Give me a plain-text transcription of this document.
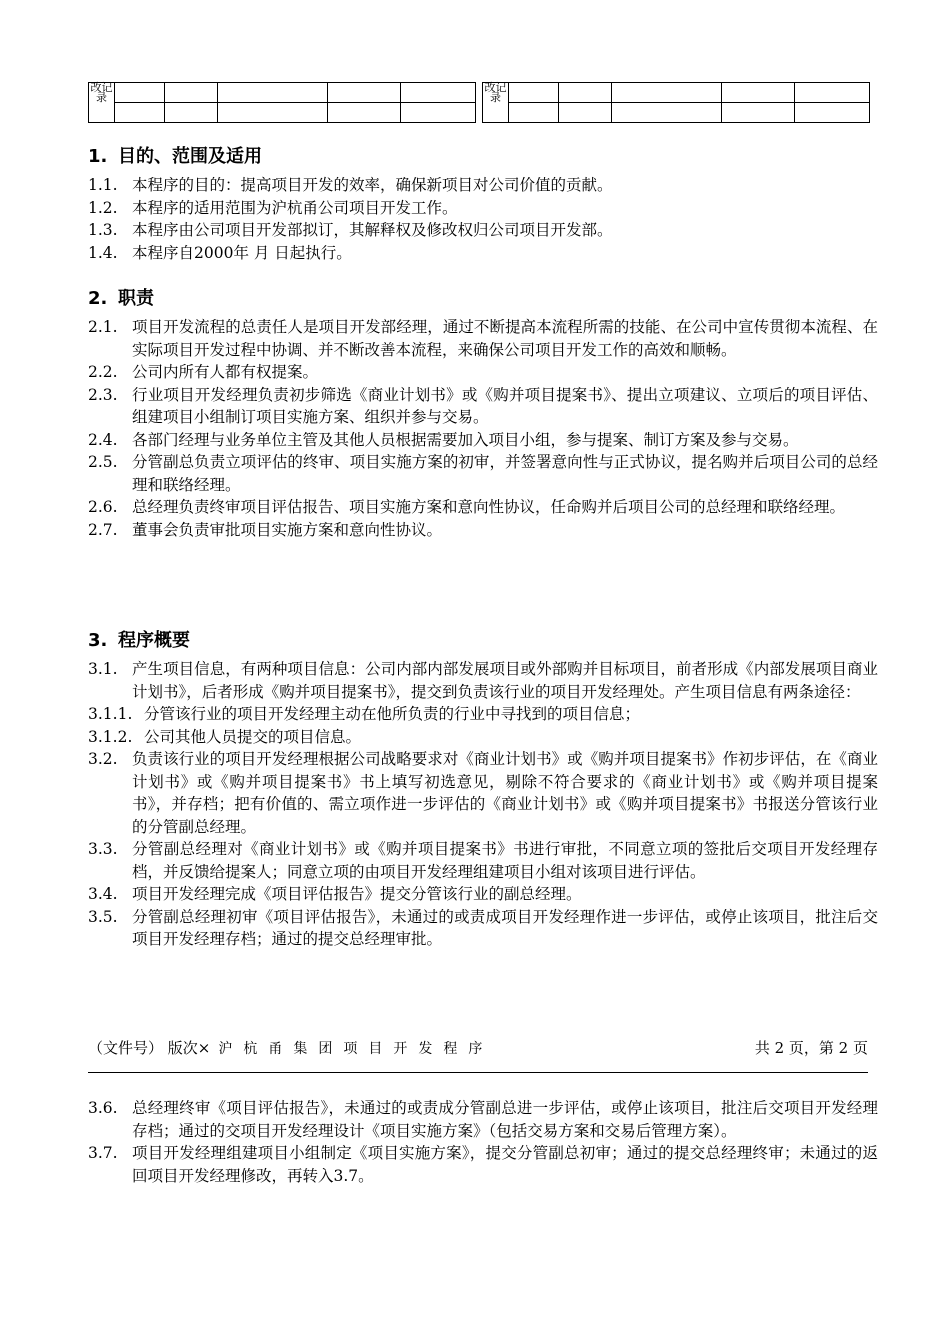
改记录					

改记录					

1. 目的、范围及适用
1.1. 本程序的目的：提高项目开发的效率，确保新项目对公司价值的贡献。
1.2. 本程序的适用范围为沪杭甬公司项目开发工作。
1.3. 本程序由公司项目开发部拟订，其解释权及修改权归公司项目开发部。
1.4. 本程序自2000年 月 日起执行。
2. 职责
2.1. 项目开发流程的总责任人是项目开发部经理，通过不断提高本流程所需的技能、在公司中宣传贯彻本流程、在实际项目开发过程中协调、并不断改善本流程，来确保公司项目开发工作的高效和顺畅。
2.2. 公司内所有人都有权提案。
2.3. 行业项目开发经理负责初步筛选《商业计划书》或《购并项目提案书》、提出立项建议、立项后的项目评估、组建项目小组制订项目实施方案、组织并参与交易。
2.4. 各部门经理与业务单位主管及其他人员根据需要加入项目小组，参与提案、制订方案及参与交易。
2.5. 分管副总负责立项评估的终审、项目实施方案的初审，并签署意向性与正式协议，提名购并后项目公司的总经理和联络经理。
2.6. 总经理负责终审项目评估报告、项目实施方案和意向性协议，任命购并后项目公司的总经理和联络经理。
2.7. 董事会负责审批项目实施方案和意向性协议。
3. 程序概要
3.1. 产生项目信息，有两种项目信息：公司内部内部发展项目或外部购并目标项目，前者形成《内部发展项目商业计划书》，后者形成《购并项目提案书》，提交到负责该行业的项目开发经理处。产生项目信息有两条途径：
3.1.1. 分管该行业的项目开发经理主动在他所负责的行业中寻找到的项目信息；
3.1.2. 公司其他人员提交的项目信息。
3.2. 负责该行业的项目开发经理根据公司战略要求对《商业计划书》或《购并项目提案书》作初步评估，在《商业计划书》或《购并项目提案书》书上填写初选意见，剔除不符合要求的《商业计划书》或《购并项目提案书》，并存档；把有价值的、需立项作进一步评估的《商业计划书》或《购并项目提案书》书报送分管该行业的分管副总经理。
3.3. 分管副总经理对《商业计划书》或《购并项目提案书》书进行审批，不同意立项的签批后交项目开发经理存档，并反馈给提案人；同意立项的由项目开发经理组建项目小组对该项目进行评估。
3.4. 项目开发经理完成《项目评估报告》提交分管该行业的副总经理。
3.5. 分管副总经理初审《项目评估报告》，未通过的或责成项目开发经理作进一步评估，或停止该项目，批注后交项目开发经理存档；通过的提交总经理审批。
（文件号） 版次× 沪杭甬集团项目开发程序	共 2 页，第 2 页
3.6. 总经理终审《项目评估报告》，未通过的或责成分管副总进一步评估，或停止该项目，批注后交项目开发经理存档；通过的交项目开发经理设计《项目实施方案》（包括交易方案和交易后管理方案）。
3.7. 项目开发经理组建项目小组制定《项目实施方案》，提交分管副总初审；通过的提交总经理终审；未通过的返回项目开发经理修改，再转入3.7。
